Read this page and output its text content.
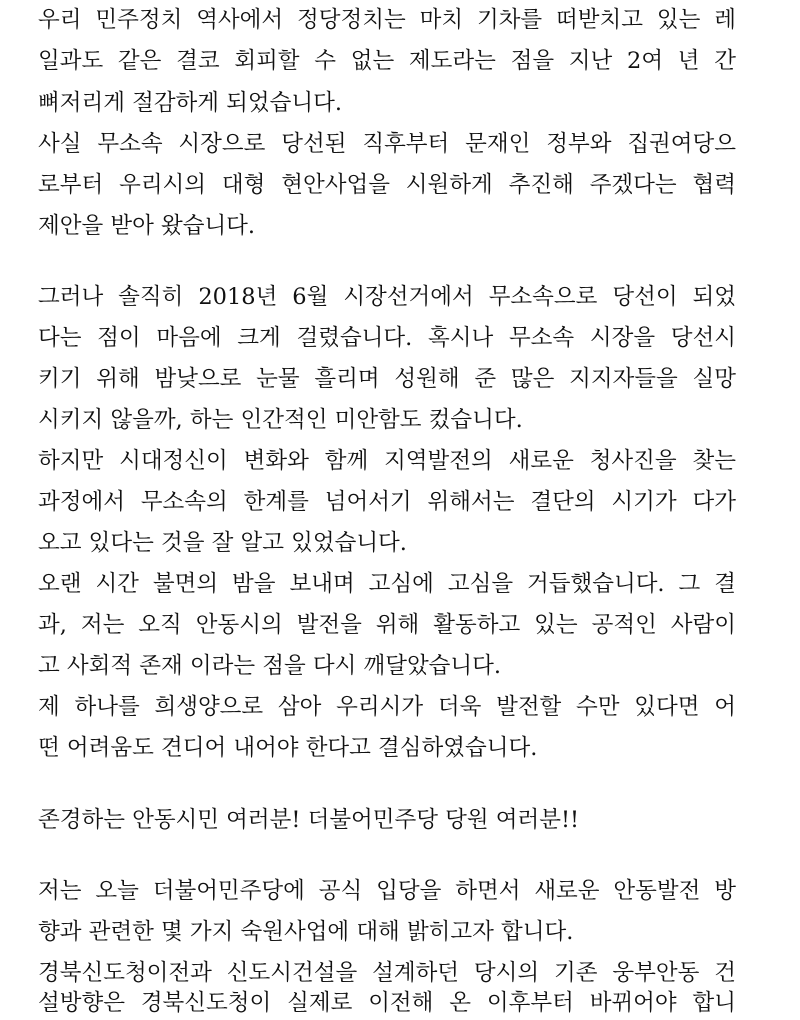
우리 민주정치 역사에서 정당정치는 마치 기차를 떠받치고 있는 레
일과도 같은 결코 회피할 수 없는 제도라는 점을 지난 2여 년 간
뼈저리게 절감하게 되었습니다.
사실 무소속 시장으로 당선된 직후부터 문재인 정부와 집권여당으
로부터 우리시의 대형 현안사업을 시원하게 추진해 주겠다는 협력
제안을 받아 왔습니다.
그러나 솔직히 2018년 6월 시장선거에서 무소속으로 당선이 되었
다는 점이 마음에 크게 걸렸습니다. 혹시나 무소속 시장을 당선시
키기 위해 밤낮으로 눈물 흘리며 성원해 준 많은 지지자들을 실망
시키지 않을까, 하는 인간적인 미안함도 컸습니다.
하지만 시대정신이 변화와 함께 지역발전의 새로운 청사진을 찾는
과정에서 무소속의 한계를 넘어서기 위해서는 결단의 시기가 다가
오고 있다는 것을 잘 알고 있었습니다.
오랜 시간 불면의 밤을 보내며 고심에 고심을 거듭했습니다. 그 결
과, 저는 오직 안동시의 발전을 위해 활동하고 있는 공적인 사람이
고 사회적 존재 이라는 점을 다시 깨달았습니다.
제 하나를 희생양으로 삼아 우리시가 더욱 발전할 수만 있다면 어
떤 어려움도 견디어 내어야 한다고 결심하였습니다.
존경하는 안동시민 여러분! 더불어민주당 당원 여러분!!
저는 오늘 더불어민주당에 공식 입당을 하면서 새로운 안동발전 방
향과 관련한 몇 가지 숙원사업에 대해 밝히고자 합니다.
경북신도청이전과 신도시건설을 설계하던 당시의 기존 웅부안동 건
설방향은 경북신도청이 실제로 이전해 온 이후부터 바뀌어야 합니
